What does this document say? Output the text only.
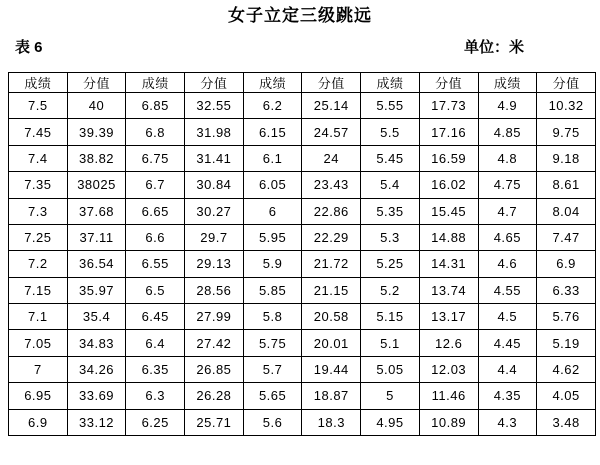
女子立定三级跳远
表 6	单位：米
成绩	分值	成绩	分值	成绩	分值	成绩	分值	成绩	分值
7.5	40	6.85	32.55	6.2	25.14	5.55	17.73	4.9	10.32
7.45	39.39	6.8	31.98	6.15	24.57	5.5	17.16	4.85	9.75
7.4	38.82	6.75	31.41	6.1	24	5.45	16.59	4.8	9.18
7.35	38025	6.7	30.84	6.05	23.43	5.4	16.02	4.75	8.61
7.3	37.68	6.65	30.27	6	22.86	5.35	15.45	4.7	8.04
7.25	37.11	6.6	29.7	5.95	22.29	5.3	14.88	4.65	7.47
7.2	36.54	6.55	29.13	5.9	21.72	5.25	14.31	4.6	6.9
7.15	35.97	6.5	28.56	5.85	21.15	5.2	13.74	4.55	6.33
7.1	35.4	6.45	27.99	5.8	20.58	5.15	13.17	4.5	5.76
7.05	34.83	6.4	27.42	5.75	20.01	5.1	12.6	4.45	5.19
7	34.26	6.35	26.85	5.7	19.44	5.05	12.03	4.4	4.62
6.95	33.69	6.3	26.28	5.65	18.87	5	11.46	4.35	4.05
6.9	33.12	6.25	25.71	5.6	18.3	4.95	10.89	4.3	3.48
